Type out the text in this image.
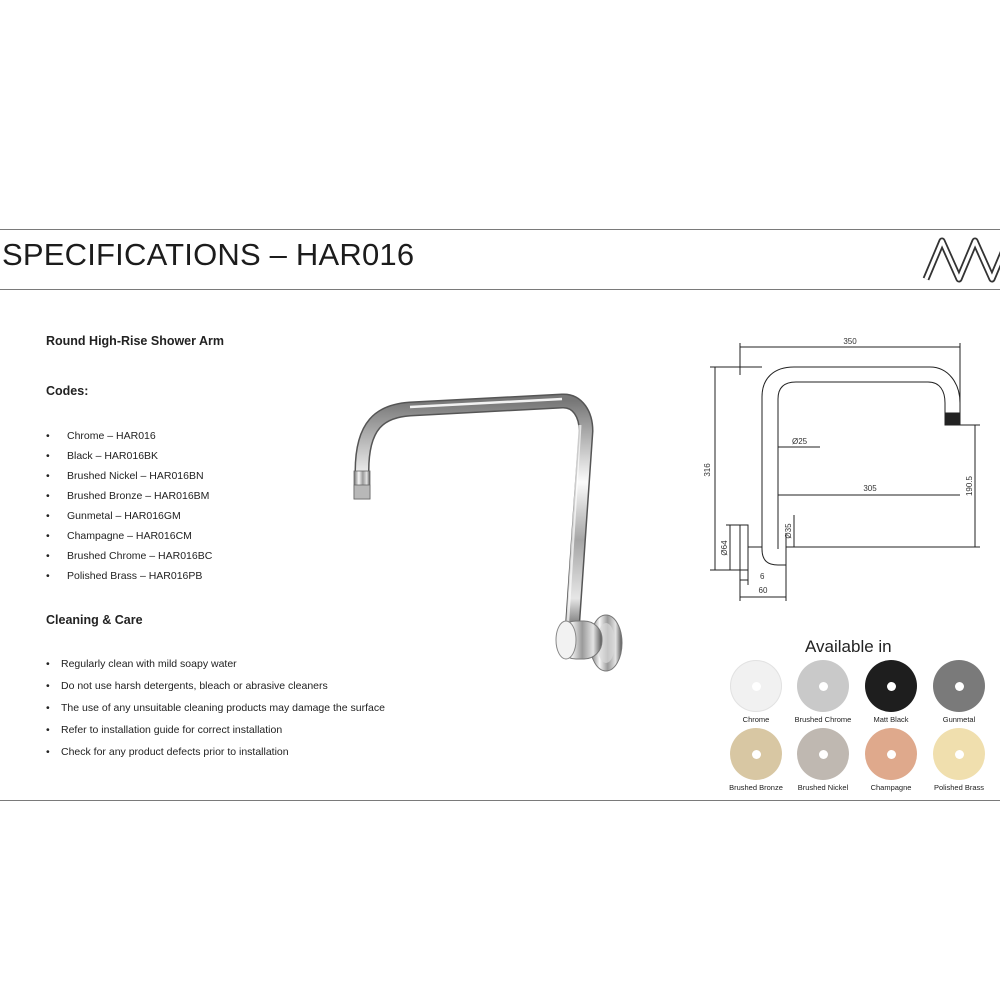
SPECIFICATIONS – HAR016
Round High-Rise Shower Arm
Codes:
• Chrome – HAR016
• Black – HAR016BK
• Brushed Nickel – HAR016BN
• Brushed Bronze – HAR016BM
• Gunmetal – HAR016GM
• Champagne – HAR016CM
• Brushed Chrome – HAR016BC
• Polished Brass – HAR016PB
Cleaning & Care
• Regularly clean with mild soapy water
• Do not use harsh detergents, bleach or abrasive cleaners
• The use of any unsuitable cleaning products may damage the surface
• Refer to installation guide for correct installation
• Check for any product defects prior to installation
350
316
Ø25
305	190.5
Ø35
Ø64
6
60
Available in
Chrome	Brushed Chrome	Matt Black	Gunmetal
Brushed Bronze	Brushed Nickel	Champagne	Polished Brass
